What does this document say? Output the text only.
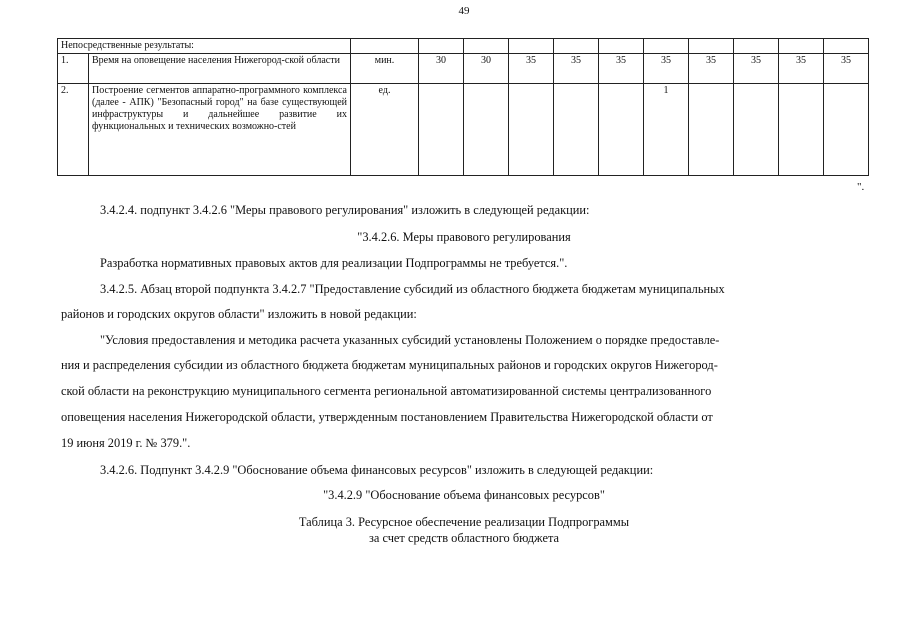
49
Непосредственные результаты:												
1.	Время на оповещение населения Нижегород-ской области	мин.	30	30	35	35	35	35	35	35	35	35
2.	Построение сегментов аппаратно-программного комплекса (далее - АПК) "Безопасный город" на базе существующей инфраструктуры и дальнейшее развитие их функциональных и технических возможно-стей	ед.						1				
".

3.4.2.4. подпункт 3.4.2.6 "Меры правового регулирования" изложить в следующей редакции:

"3.4.2.6. Меры правового регулирования

Разработка нормативных правовых актов для реализации Подпрограммы не требуется.".

3.4.2.5. Абзац второй подпункта 3.4.2.7 "Предоставление субсидий из областного бюджета бюджетам муниципальных

районов и городских округов области" изложить в новой редакции:

"Условия предоставления и методика расчета указанных субсидий установлены Положением о порядке предоставле-

ния и распределения субсидии из областного бюджета бюджетам муниципальных районов и городских округов Нижегород-

ской области на реконструкцию муниципального сегмента региональной автоматизированной системы централизованного

оповещения населения Нижегородской области, утвержденным постановлением Правительства Нижегородской области от

19 июня 2019 г. № 379.".

3.4.2.6. Подпункт 3.4.2.9 "Обоснование объема финансовых ресурсов" изложить в следующей редакции:

"3.4.2.9 "Обоснование объема финансовых ресурсов"

Таблица 3. Ресурсное обеспечение реализации Подпрограммы
за счет средств областного бюджета
